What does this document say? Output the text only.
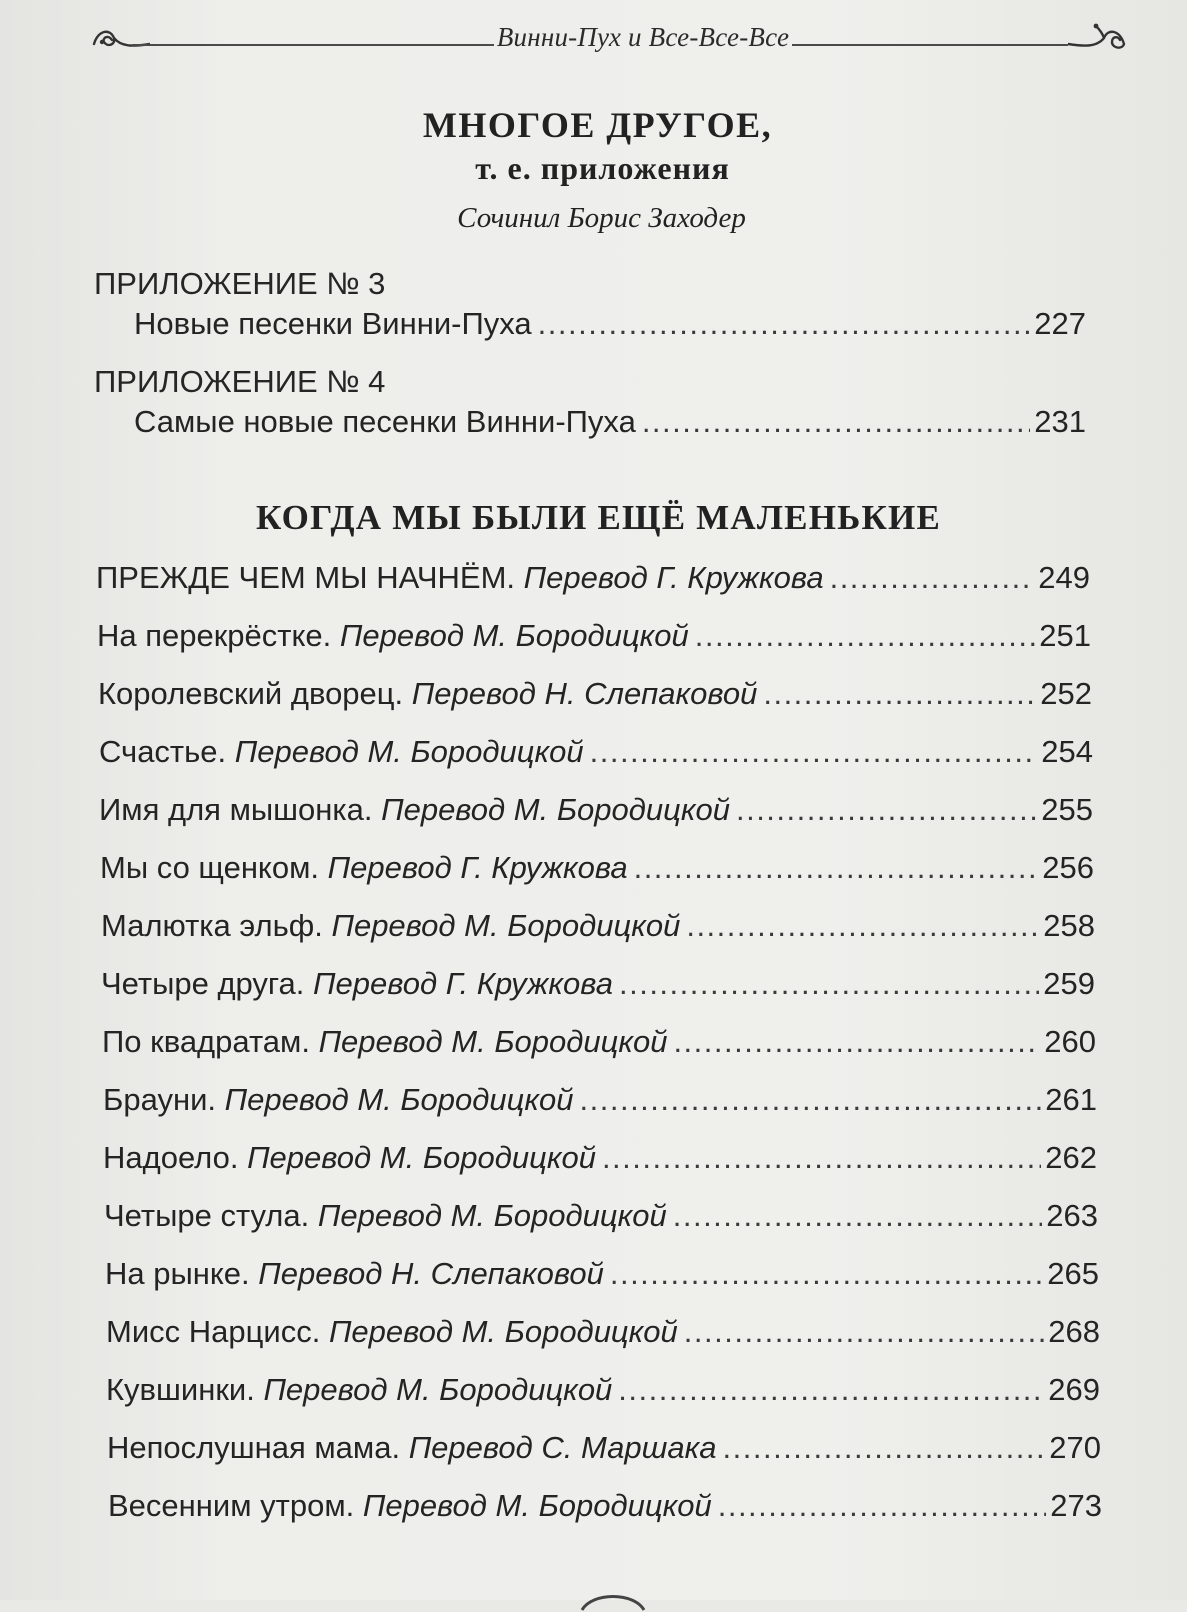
Винни-Пух и Все-Все-Все
МНОГОЕ ДРУГОЕ,
т. е. приложения
Сочинил Борис Заходер
ПРИЛОЖЕНИЕ № 3
Новые песенки Винни-Пуха .....	227
ПРИЛОЖЕНИЕ № 4
Самые новые песенки Винни-Пуха .....	231
КОГДА МЫ БЫЛИ ЕЩЁ МАЛЕНЬКИЕ
ПРЕЖДЕ ЧЕМ МЫ НАЧНЁМ. Перевод Г. Кружкова .....	249
На перекрёстке. Перевод М. Бородицкой .....	251
Королевский дворец. Перевод Н. Слепаковой .....	252
Счастье. Перевод М. Бородицкой .....	254
Имя для мышонка. Перевод М. Бородицкой .....	255
Мы со щенком. Перевод Г. Кружкова .....	256
Малютка эльф. Перевод М. Бородицкой .....	258
Четыре друга. Перевод Г. Кружкова .....	259
По квадратам. Перевод М. Бородицкой .....	260
Брауни. Перевод М. Бородицкой .....	261
Надоело. Перевод М. Бородицкой .....	262
Четыре стула. Перевод М. Бородицкой .....	263
На рынке. Перевод Н. Слепаковой .....	265
Мисс Нарцисс. Перевод М. Бородицкой .....	268
Кувшинки. Перевод М. Бородицкой .....	269
Непослушная мама. Перевод С. Маршака .....	270
Весенним утром. Перевод М. Бородицкой .....	273
